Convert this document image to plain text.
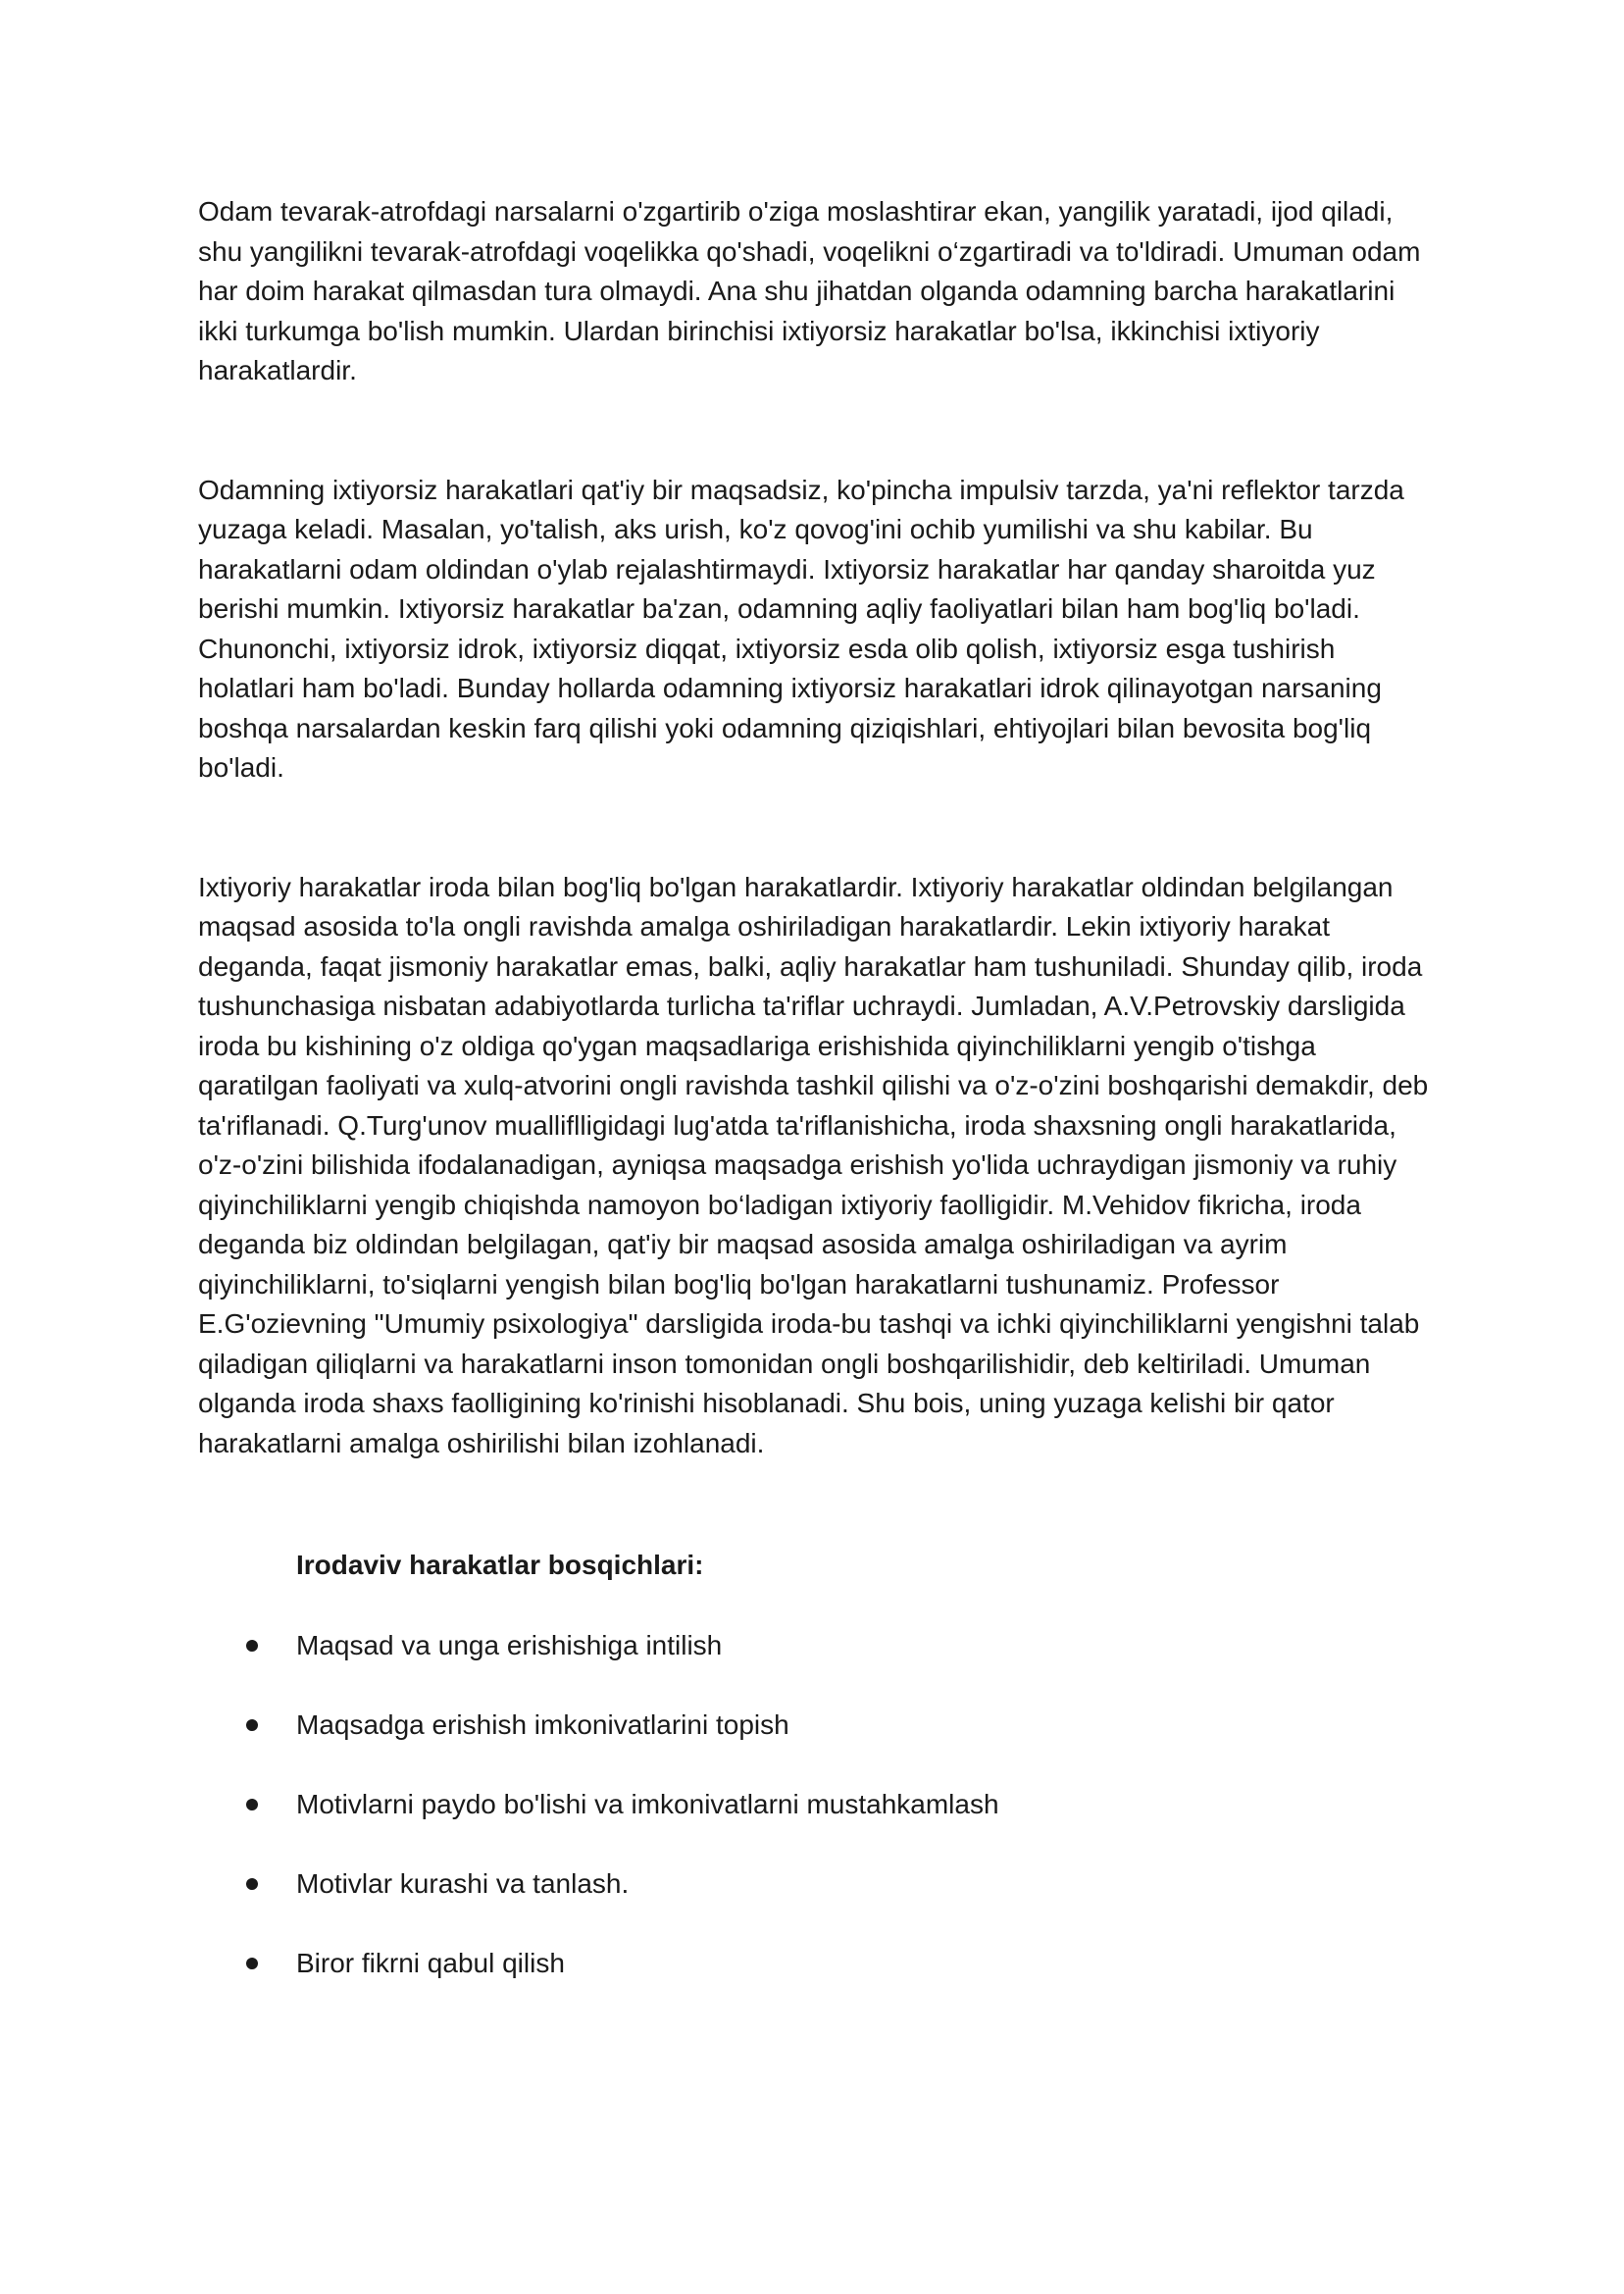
Odam tevarak-atrofdagi narsalarni o'zgartirib o'ziga moslashtirar ekan, yangilik yaratadi, ijod qiladi, shu yangilikni tevarak-atrofdagi voqelikka qo'shadi, voqelikni o‘zgartiradi va to'ldiradi. Umuman odam har doim harakat qilmasdan tura olmaydi. Ana shu jihatdan olganda odamning barcha harakatlarini ikki turkumga bo'lish mumkin. Ulardan birinchisi ixtiyorsiz harakatlar bo'lsa, ikkinchisi ixtiyoriy harakatlardir.

Odamning ixtiyorsiz harakatlari qat'iy bir maqsadsiz, ko'pincha impulsiv tarzda, ya'ni reflektor tarzda yuzaga keladi. Masalan, yo'talish, aks urish, ko'z qovog'ini ochib yumilishi va shu kabilar. Bu harakatlarni odam oldindan o'ylab rejalashtirmaydi. Ixtiyorsiz harakatlar har qanday sharoitda yuz berishi mumkin. Ixtiyorsiz harakatlar ba'zan, odamning aqliy faoliyatlari bilan ham bog'liq bo'ladi. Chunonchi, ixtiyorsiz idrok, ixtiyorsiz diqqat, ixtiyorsiz esda olib qolish, ixtiyorsiz esga tushirish holatlari ham bo'ladi. Bunday hollarda odamning ixtiyorsiz harakatlari idrok qilinayotgan narsaning boshqa narsalardan keskin farq qilishi yoki odamning qiziqishlari, ehtiyojlari bilan bevosita bog'liq bo'ladi.

Ixtiyoriy harakatlar iroda bilan bog'liq bo'lgan harakatlardir. Ixtiyoriy harakatlar oldindan belgilangan maqsad asosida to'la ongli ravishda amalga oshiriladigan harakatlardir. Lekin ixtiyoriy harakat deganda, faqat jismoniy harakatlar emas, balki, aqliy harakatlar ham tushuniladi. Shunday qilib, iroda tushunchasiga nisbatan adabiyotlarda turlicha ta'riflar uchraydi. Jumladan, A.V.Petrovskiy darsligida iroda bu kishining o'z oldiga qo'ygan maqsadlariga erishishida qiyinchiliklarni yengib o'tishga qaratilgan faoliyati va xulq-atvorini ongli ravishda tashkil qilishi va o'z-o'zini boshqarishi demakdir, deb ta'riflanadi. Q.Turg'unov mualliflligidagi lug'atda ta'riflanishicha, iroda shaxsning ongli harakatlarida, o'z-o'zini bilishida ifodalanadigan, ayniqsa maqsadga erishish yo'lida uchraydigan jismoniy va ruhiy qiyinchiliklarni yengib chiqishda namoyon bo‘ladigan ixtiyoriy faolligidir. M.Vehidov fikricha, iroda deganda biz oldindan belgilagan, qat'iy bir maqsad asosida amalga oshiriladigan va ayrim qiyinchiliklarni, to'siqlarni yengish bilan bog'liq bo'lgan harakatlarni tushunamiz. Professor E.G'ozievning "Umumiy psixologiya" darsligida iroda-bu tashqi va ichki qiyinchiliklarni yengishni talab qiladigan qiliqlarni va harakatlarni inson tomonidan ongli boshqarilishidir, deb keltiriladi. Umuman olganda iroda shaxs faolligining ko'rinishi hisoblanadi. Shu bois, uning yuzaga kelishi bir qator harakatlarni amalga oshirilishi bilan izohlanadi.

Irodaviv harakatlar bosqichlari:

Maqsad va unga erishishiga intilish
Maqsadga erishish imkonivatlarini topish
Motivlarni paydo bo'lishi va imkonivatlarni mustahkamlash
Motivlar kurashi va tanlash.
Biror fikrni qabul qilish
